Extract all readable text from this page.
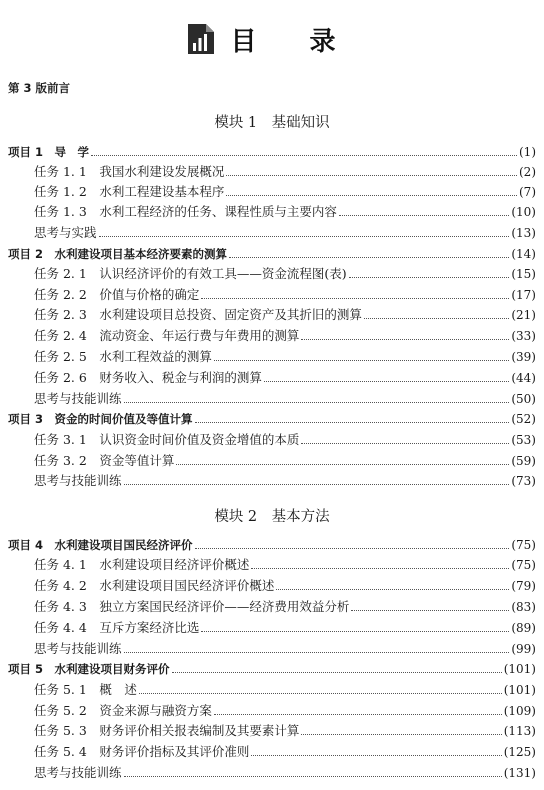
目 录
第 3 版前言
模块 1　基础知识
项目 1　导　学	(1)
任务 1. 1　我国水利建设发展概况	(2)
任务 1. 2　水利工程建设基本程序	(7)
任务 1. 3　水利工程经济的任务、课程性质与主要内容	(10)
思考与实践	(13)
项目 2　水利建设项目基本经济要素的测算	(14)
任务 2. 1　认识经济评价的有效工具——资金流程图(表)	(15)
任务 2. 2　价值与价格的确定	(17)
任务 2. 3　水利建设项目总投资、固定资产及其折旧的测算	(21)
任务 2. 4　流动资金、年运行费与年费用的测算	(33)
任务 2. 5　水利工程效益的测算	(39)
任务 2. 6　财务收入、税金与利润的测算	(44)
思考与技能训练	(50)
项目 3　资金的时间价值及等值计算	(52)
任务 3. 1　认识资金时间价值及资金增值的本质	(53)
任务 3. 2　资金等值计算	(59)
思考与技能训练	(73)
模块 2　基本方法
项目 4　水利建设项目国民经济评价	(75)
任务 4. 1　水利建设项目经济评价概述	(75)
任务 4. 2　水利建设项目国民经济评价概述	(79)
任务 4. 3　独立方案国民经济评价——经济费用效益分析	(83)
任务 4. 4　互斥方案经济比选	(89)
思考与技能训练	(99)
项目 5　水利建设项目财务评价	(101)
任务 5. 1　概　述	(101)
任务 5. 2　资金来源与融资方案	(109)
任务 5. 3　财务评价相关报表编制及其要素计算	(113)
任务 5. 4　财务评价指标及其评价准则	(125)
思考与技能训练	(131)
